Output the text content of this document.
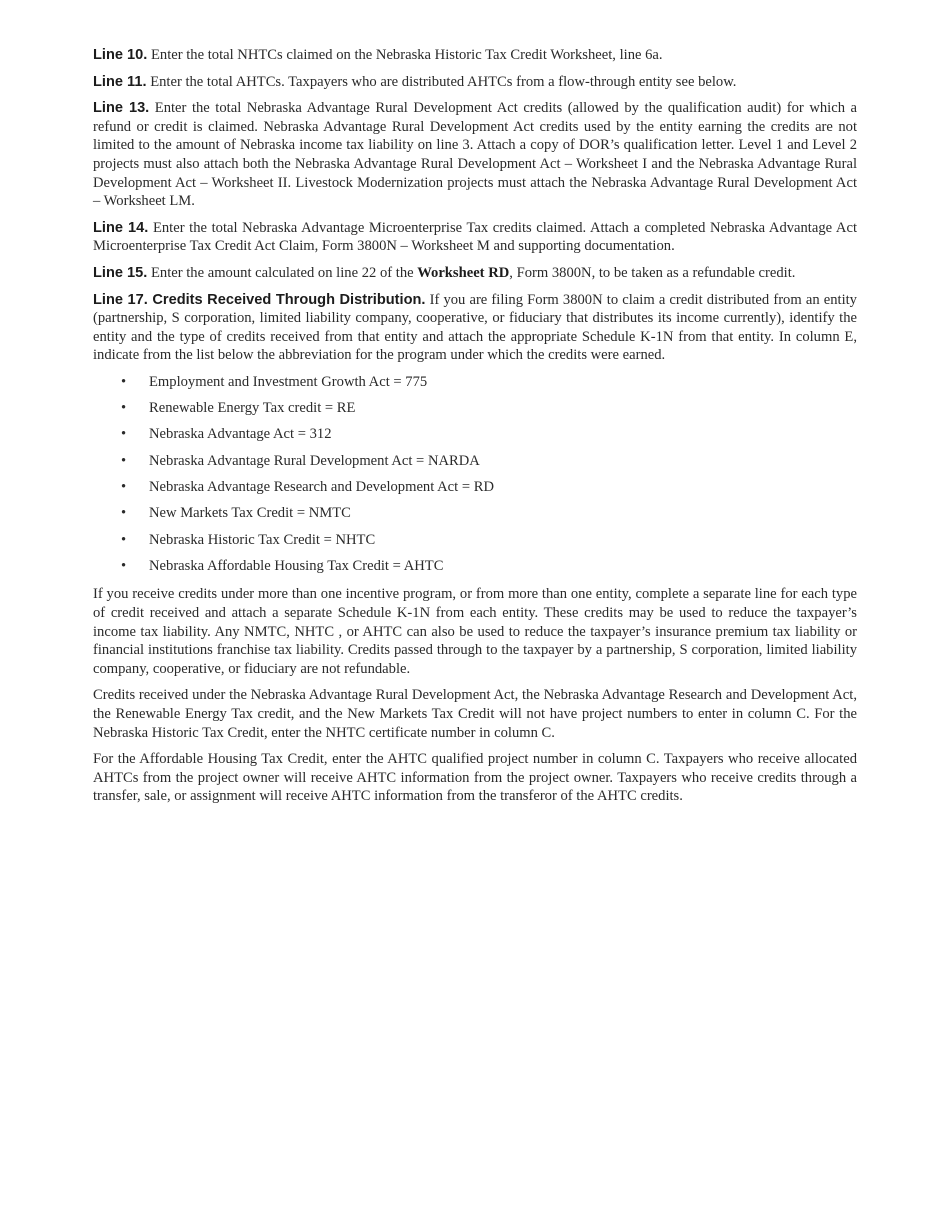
Line 10. Enter the total NHTCs claimed on the Nebraska Historic Tax Credit Worksheet, line 6a.

Line 11. Enter the total AHTCs. Taxpayers who are distributed AHTCs from a flow-through entity see below.

Line 13. Enter the total Nebraska Advantage Rural Development Act credits (allowed by the qualification audit) for which a refund or credit is claimed. Nebraska Advantage Rural Development Act credits used by the entity earning the credits are not limited to the amount of Nebraska income tax liability on line 3. Attach a copy of DOR’s qualification letter. Level 1 and Level 2 projects must also attach both the Nebraska Advantage Rural Development Act – Worksheet I and the Nebraska Advantage Rural Development Act – Worksheet II. Livestock Modernization projects must attach the Nebraska Advantage Rural Development Act – Worksheet LM.

Line 14. Enter the total Nebraska Advantage Microenterprise Tax credits claimed. Attach a completed Nebraska Advantage Act Microenterprise Tax Credit Act Claim, Form 3800N – Worksheet M and supporting documentation.

Line 15. Enter the amount calculated on line 22 of the Worksheet RD, Form 3800N, to be taken as a refundable credit.

Line 17. Credits Received Through Distribution. If you are filing Form 3800N to claim a credit distributed from an entity (partnership, S corporation, limited liability company, cooperative, or fiduciary that distributes its income currently), identify the entity and the type of credits received from that entity and attach the appropriate Schedule K-1N from that entity. In column E, indicate from the list below the abbreviation for the program under which the credits were earned.

• Employment and Investment Growth Act = 775
• Renewable Energy Tax credit = RE
• Nebraska Advantage Act = 312
• Nebraska Advantage Rural Development Act = NARDA
• Nebraska Advantage Research and Development Act = RD
• New Markets Tax Credit = NMTC
• Nebraska Historic Tax Credit = NHTC
• Nebraska Affordable Housing Tax Credit = AHTC

If you receive credits under more than one incentive program, or from more than one entity, complete a separate line for each type of credit received and attach a separate Schedule K-1N from each entity. These credits may be used to reduce the taxpayer’s income tax liability. Any NMTC, NHTC , or AHTC can also be used to reduce the taxpayer’s insurance premium tax liability or financial institutions franchise tax liability. Credits passed through to the taxpayer by a partnership, S corporation, limited liability company, cooperative, or fiduciary are not refundable.

Credits received under the Nebraska Advantage Rural Development Act, the Nebraska Advantage Research and Development Act, the Renewable Energy Tax credit, and the New Markets Tax Credit will not have project numbers to enter in column C. For the Nebraska Historic Tax Credit, enter the NHTC certificate number in column C.

For the Affordable Housing Tax Credit, enter the AHTC qualified project number in column C. Taxpayers who receive allocated AHTCs from the project owner will receive AHTC information from the project owner. Taxpayers who receive credits through a transfer, sale, or assignment will receive AHTC information from the transferor of the AHTC credits.
